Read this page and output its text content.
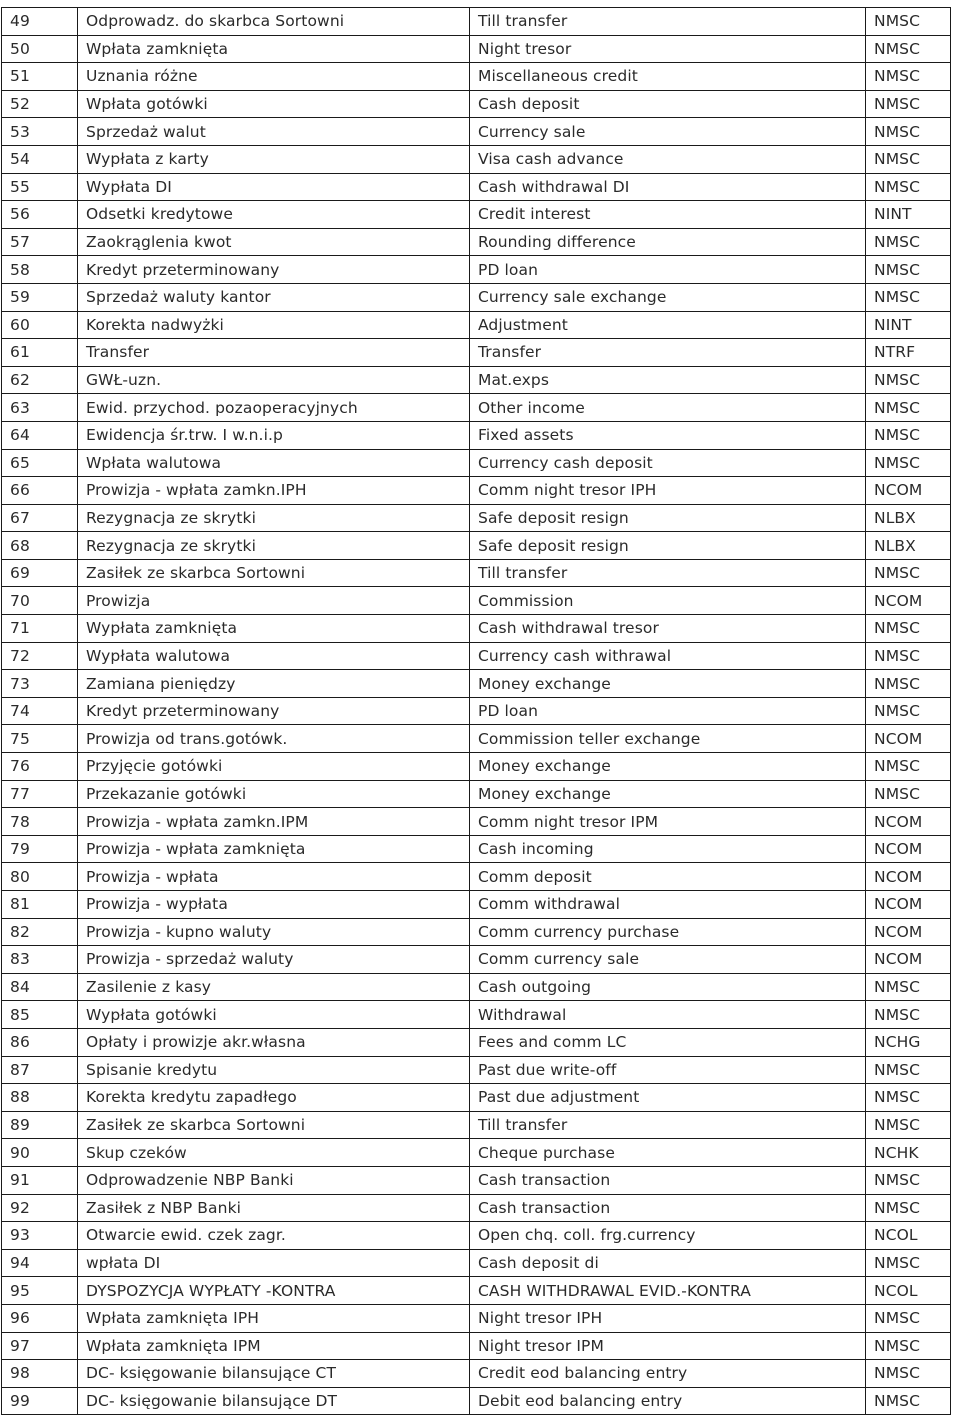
49	Odprowadz. do skarbca Sortowni	Till transfer	NMSC
50	Wpłata zamknięta	Night tresor	NMSC
51	Uznania różne	Miscellaneous credit	NMSC
52	Wpłata gotówki	Cash deposit	NMSC
53	Sprzedaż walut	Currency sale	NMSC
54	Wypłata z karty	Visa cash advance	NMSC
55	Wypłata DI	Cash withdrawal DI	NMSC
56	Odsetki kredytowe	Credit interest	NINT
57	Zaokrąglenia kwot	Rounding difference	NMSC
58	Kredyt przeterminowany	PD loan	NMSC
59	Sprzedaż waluty kantor	Currency sale exchange	NMSC
60	Korekta nadwyżki	Adjustment	NINT
61	Transfer	Transfer	NTRF
62	GWŁ-uzn.	Mat.exps	NMSC
63	Ewid. przychod. pozaoperacyjnych	Other income	NMSC
64	Ewidencja śr.trw. I w.n.i.p	Fixed assets	NMSC
65	Wpłata walutowa	Currency cash deposit	NMSC
66	Prowizja - wpłata zamkn.IPH	Comm night tresor IPH	NCOM
67	Rezygnacja ze skrytki	Safe deposit resign	NLBX
68	Rezygnacja ze skrytki	Safe deposit resign	NLBX
69	Zasiłek ze skarbca Sortowni	Till transfer	NMSC
70	Prowizja	Commission	NCOM
71	Wypłata zamknięta	Cash withdrawal tresor	NMSC
72	Wypłata walutowa	Currency cash withrawal	NMSC
73	Zamiana pieniędzy	Money exchange	NMSC
74	Kredyt przeterminowany	PD loan	NMSC
75	Prowizja od trans.gotówk.	Commission teller exchange	NCOM
76	Przyjęcie gotówki	Money exchange	NMSC
77	Przekazanie gotówki	Money exchange	NMSC
78	Prowizja - wpłata zamkn.IPM	Comm night tresor IPM	NCOM
79	Prowizja - wpłata zamknięta	Cash incoming	NCOM
80	Prowizja - wpłata	Comm deposit	NCOM
81	Prowizja - wypłata	Comm withdrawal	NCOM
82	Prowizja - kupno waluty	Comm currency purchase	NCOM
83	Prowizja - sprzedaż waluty	Comm currency sale	NCOM
84	Zasilenie z kasy	Cash outgoing	NMSC
85	Wypłata gotówki	Withdrawal	NMSC
86	Opłaty i prowizje akr.własna	Fees and comm LC	NCHG
87	Spisanie kredytu	Past due write-off	NMSC
88	Korekta kredytu zapadłego	Past due adjustment	NMSC
89	Zasiłek ze skarbca Sortowni	Till transfer	NMSC
90	Skup czeków	Cheque purchase	NCHK
91	Odprowadzenie NBP Banki	Cash transaction	NMSC
92	Zasiłek z NBP Banki	Cash transaction	NMSC
93	Otwarcie ewid. czek zagr.	Open chq. coll. frg.currency	NCOL
94	wpłata DI	Cash deposit di	NMSC
95	DYSPOZYCJA WYPŁATY -KONTRA	CASH WITHDRAWAL EVID.-KONTRA	NCOL
96	Wpłata zamknięta IPH	Night tresor IPH	NMSC
97	Wpłata zamknięta IPM	Night tresor IPM	NMSC
98	DC- księgowanie bilansujące CT	Credit eod balancing entry	NMSC
99	DC- księgowanie bilansujące DT	Debit eod balancing entry	NMSC
